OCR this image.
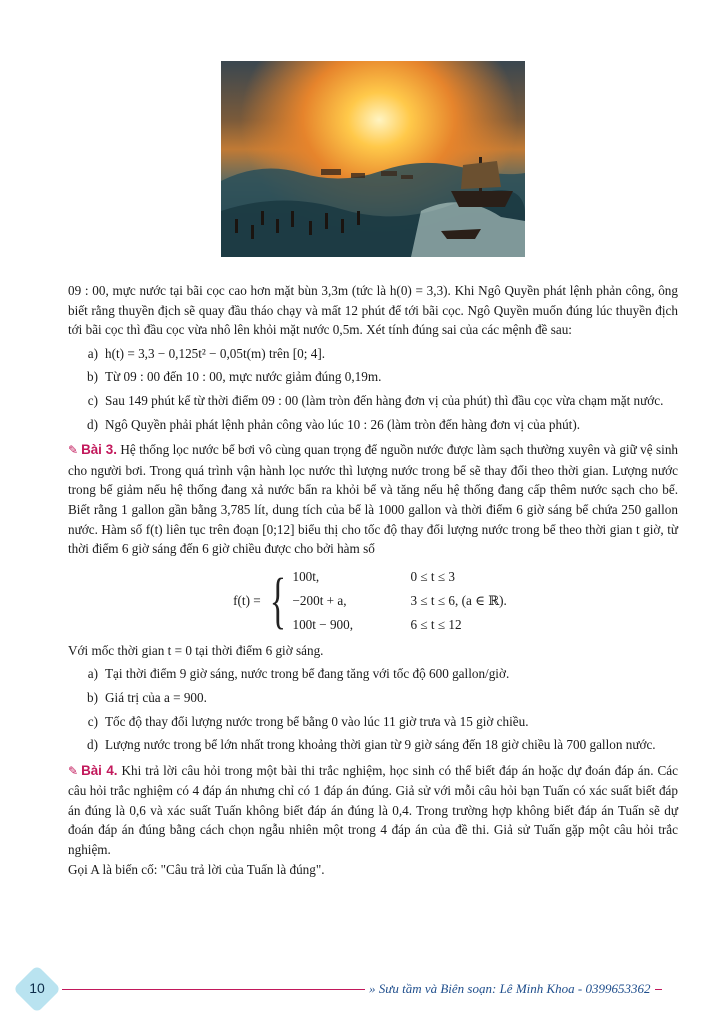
09 : 00, mực nước tại bãi cọc cao hơn mặt bùn 3,3m (tức là h(0) = 3,3). Khi Ngô Quyền phát lệnh phản công, ông biết rằng thuyền địch sẽ quay đầu tháo chạy và mất 12 phút để tới bãi cọc. Ngô Quyền muốn đúng lúc thuyền địch tới bãi cọc thì đầu cọc vừa nhô lên khỏi mặt nước 0,5m. Xét tính đúng sai của các mệnh đề sau:

a) h(t) = 3,3 − 0,125t² − 0,05t(m) trên [0; 4].
b) Từ 09 : 00 đến 10 : 00, mực nước giảm đúng 0,19m.
c) Sau 149 phút kể từ thời điểm 09 : 00 (làm tròn đến hàng đơn vị của phút) thì đầu cọc vừa chạm mặt nước.
d) Ngô Quyền phải phát lệnh phản công vào lúc 10 : 26 (làm tròn đến hàng đơn vị của phút).

✎ Bài 3. Hệ thống lọc nước bể bơi vô cùng quan trọng để nguồn nước được làm sạch thường xuyên và giữ vệ sinh cho người bơi. Trong quá trình vận hành lọc nước thì lượng nước trong bể sẽ thay đổi theo thời gian. Lượng nước trong bể giảm nếu hệ thống đang xả nước bẩn ra khỏi bể và tăng nếu hệ thống đang cấp thêm nước sạch cho bể. Biết rằng 1 gallon gần bằng 3,785 lít, dung tích của bể là 1000 gallon và thời điểm 6 giờ sáng bể chứa 250 gallon nước. Hàm số f(t) liên tục trên đoạn [0;12] biểu thị cho tốc độ thay đổi lượng nước trong bể theo thời gian t giờ, từ thời điểm 6 giờ sáng đến 6 giờ chiều được cho bởi hàm số

f(t) = { 100t,	0 ≤ t ≤ 3
−200t + a,	3 ≤ t ≤ 6, (a ∈ ℝ).
100t − 900,	6 ≤ t ≤ 12

Với mốc thời gian t = 0 tại thời điểm 6 giờ sáng.

a) Tại thời điểm 9 giờ sáng, nước trong bể đang tăng với tốc độ 600 gallon/giờ.
b) Giá trị của a = 900.
c) Tốc độ thay đổi lượng nước trong bể bằng 0 vào lúc 11 giờ trưa và 15 giờ chiều.
d) Lượng nước trong bể lớn nhất trong khoảng thời gian từ 9 giờ sáng đến 18 giờ chiều là 700 gallon nước.

✎ Bài 4. Khi trả lời câu hỏi trong một bài thi trắc nghiệm, học sinh có thể biết đáp án hoặc dự đoán đáp án. Các câu hỏi trắc nghiệm có 4 đáp án nhưng chỉ có 1 đáp án đúng. Giả sử với mỗi câu hỏi bạn Tuấn có xác suất biết đáp án đúng là 0,6 và xác suất Tuấn không biết đáp án đúng là 0,4. Trong trường hợp không biết đáp án Tuấn sẽ dự đoán đáp án đúng bằng cách chọn ngẫu nhiên một trong 4 đáp án của đề thi. Giả sử Tuấn gặp một câu hỏi trắc nghiệm.

Gọi A là biến cố: "Câu trả lời của Tuấn là đúng".

10	» Sưu tầm và Biên soạn: Lê Minh Khoa - 0399653362
